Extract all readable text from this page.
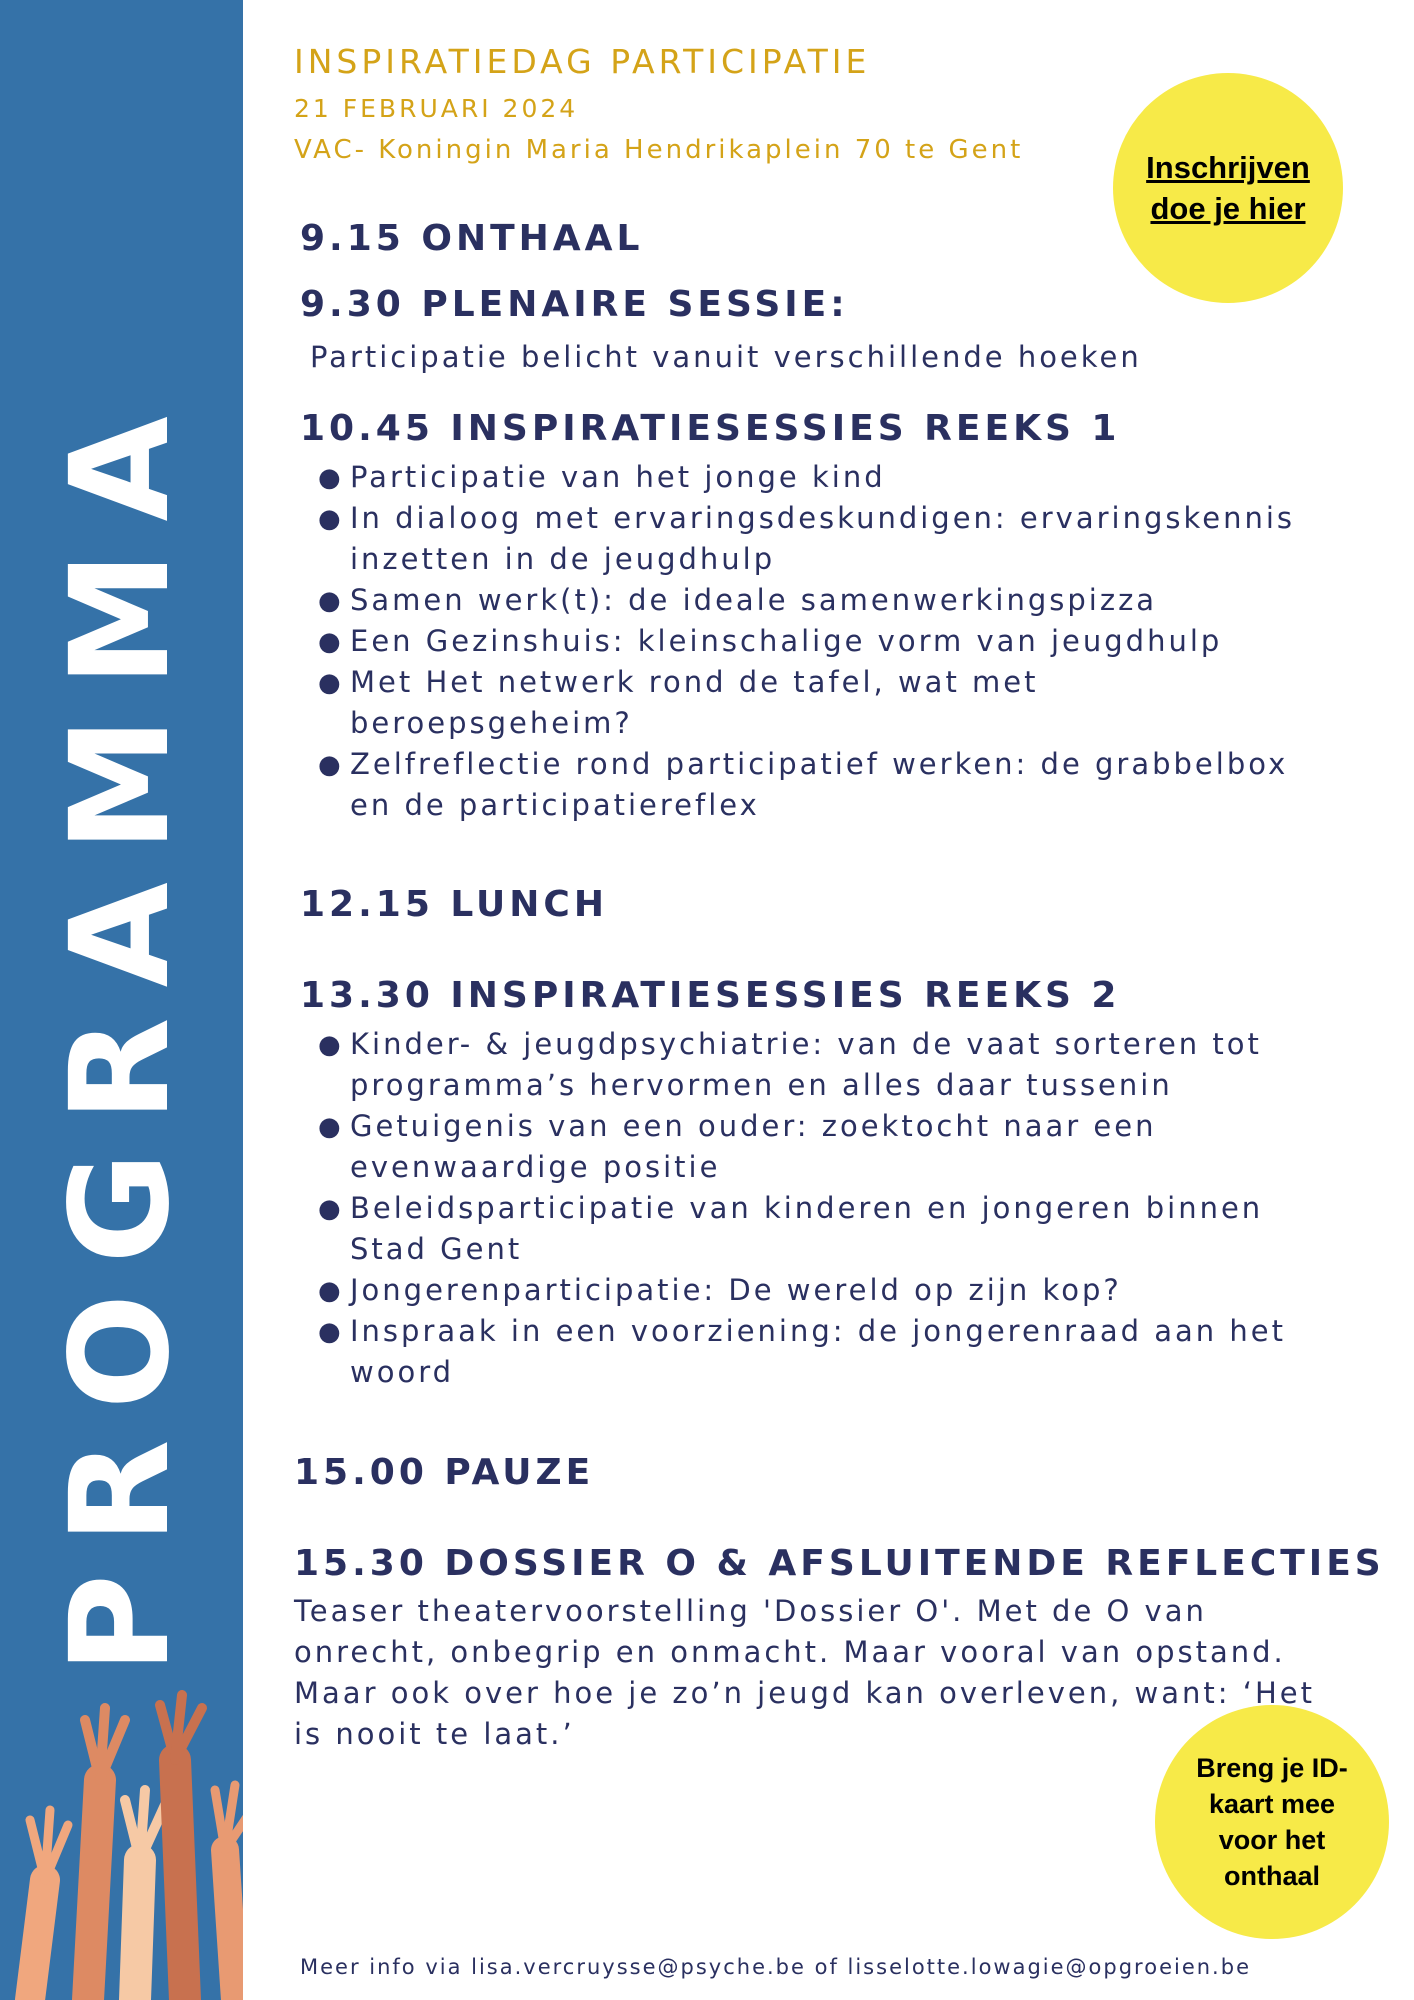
PROGRAMMA
INSPIRATIEDAG PARTICIPATIE
21 FEBRUARI 2024
VAC- Koningin Maria Hendrikaplein 70 te Gent	Inschrijven
doe je hier
9.15 ONTHAAL
9.30 PLENAIRE SESSIE:
Participatie belicht vanuit verschillende hoeken
10.45 INSPIRATIESESSIES REEKS 1
● Participatie van het jonge kind
● In dialoog met ervaringsdeskundigen: ervaringskennis
inzetten in de jeugdhulp
● Samen werk(t): de ideale samenwerkingspizza
● Een Gezinshuis: kleinschalige vorm van jeugdhulp
● Met Het netwerk rond de tafel, wat met
beroepsgeheim?
● Zelfreflectie rond participatief werken: de grabbelbox
en de participatiereflex
12.15 LUNCH
13.30 INSPIRATIESESSIES REEKS 2
● Kinder- & jeugdpsychiatrie: van de vaat sorteren tot
programma’s hervormen en alles daar tussenin
● Getuigenis van een ouder: zoektocht naar een
evenwaardige positie
● Beleidsparticipatie van kinderen en jongeren binnen
Stad Gent
● Jongerenparticipatie: De wereld op zijn kop?
● Inspraak in een voorziening: de jongerenraad aan het
woord
15.00 PAUZE
15.30 DOSSIER O & AFSLUITENDE REFLECTIES
Teaser theatervoorstelling 'Dossier O'. Met de O van
onrecht, onbegrip en onmacht. Maar vooral van opstand.
Maar ook over hoe je zo’n jeugd kan overleven, want: ‘Het
is nooit te laat.’
Breng je ID-
kaart mee
voor het
onthaal
Meer info via lisa.vercruysse@psyche.be of lisselotte.lowagie@opgroeien.be
